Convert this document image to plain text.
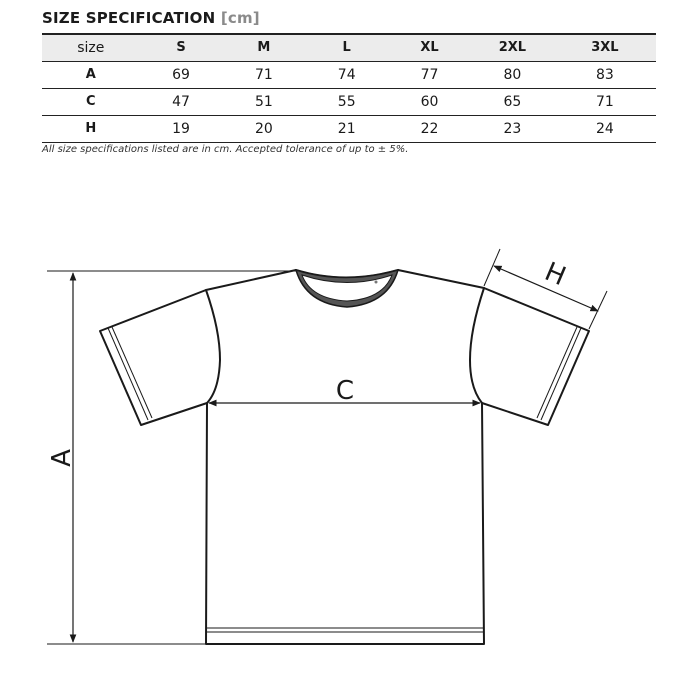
SIZE SPECIFICATION [cm]
size	S	M	L	XL	2XL	3XL
A	69	71	74	77	80	83
C	47	51	55	60	65	71
H	19	20	21	22	23	24
All size specifications listed are in cm. Accepted tolerance of up to ± 5%.
A
C
H
